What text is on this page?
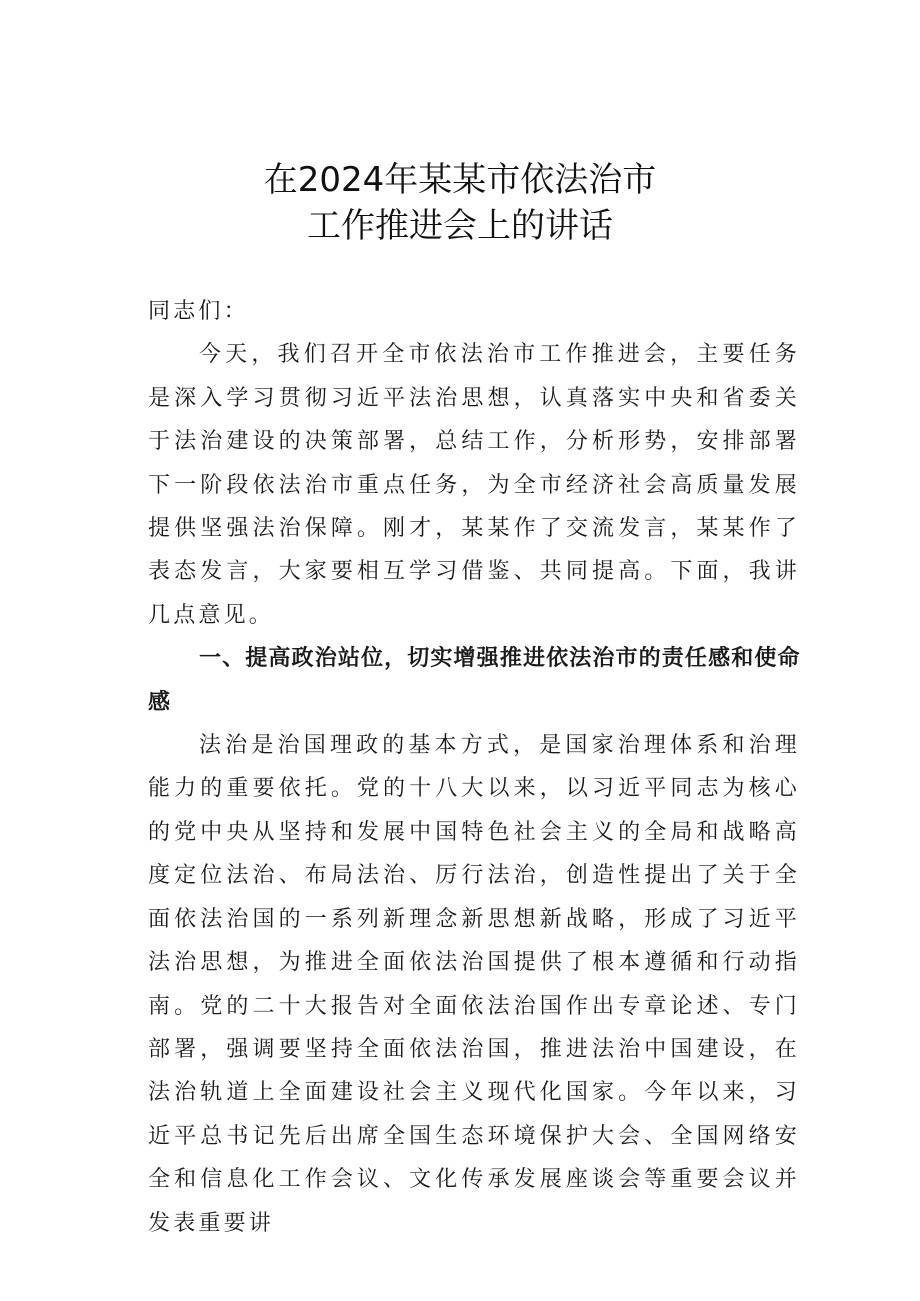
在2024年某某市依法治市
工作推进会上的讲话

同志们：

今天，我们召开全市依法治市工作推进会，主要任务是深入学习贯彻习近平法治思想，认真落实中央和省委关于法治建设的决策部署，总结工作，分析形势，安排部署下一阶段依法治市重点任务，为全市经济社会高质量发展提供坚强法治保障。刚才，某某作了交流发言，某某作了表态发言，大家要相互学习借鉴、共同提高。下面，我讲几点意见。

一、提高政治站位，切实增强推进依法治市的责任感和使命感

法治是治国理政的基本方式，是国家治理体系和治理能力的重要依托。党的十八大以来，以习近平同志为核心的党中央从坚持和发展中国特色社会主义的全局和战略高度定位法治、布局法治、厉行法治，创造性提出了关于全面依法治国的一系列新理念新思想新战略，形成了习近平法治思想，为推进全面依法治国提供了根本遵循和行动指南。党的二十大报告对全面依法治国作出专章论述、专门部署，强调要坚持全面依法治国，推进法治中国建设，在法治轨道上全面建设社会主义现代化国家。今年以来，习近平总书记先后出席全国生态环境保护大会、全国网络安全和信息化工作会议、文化传承发展座谈会等重要会议并发表重要讲
